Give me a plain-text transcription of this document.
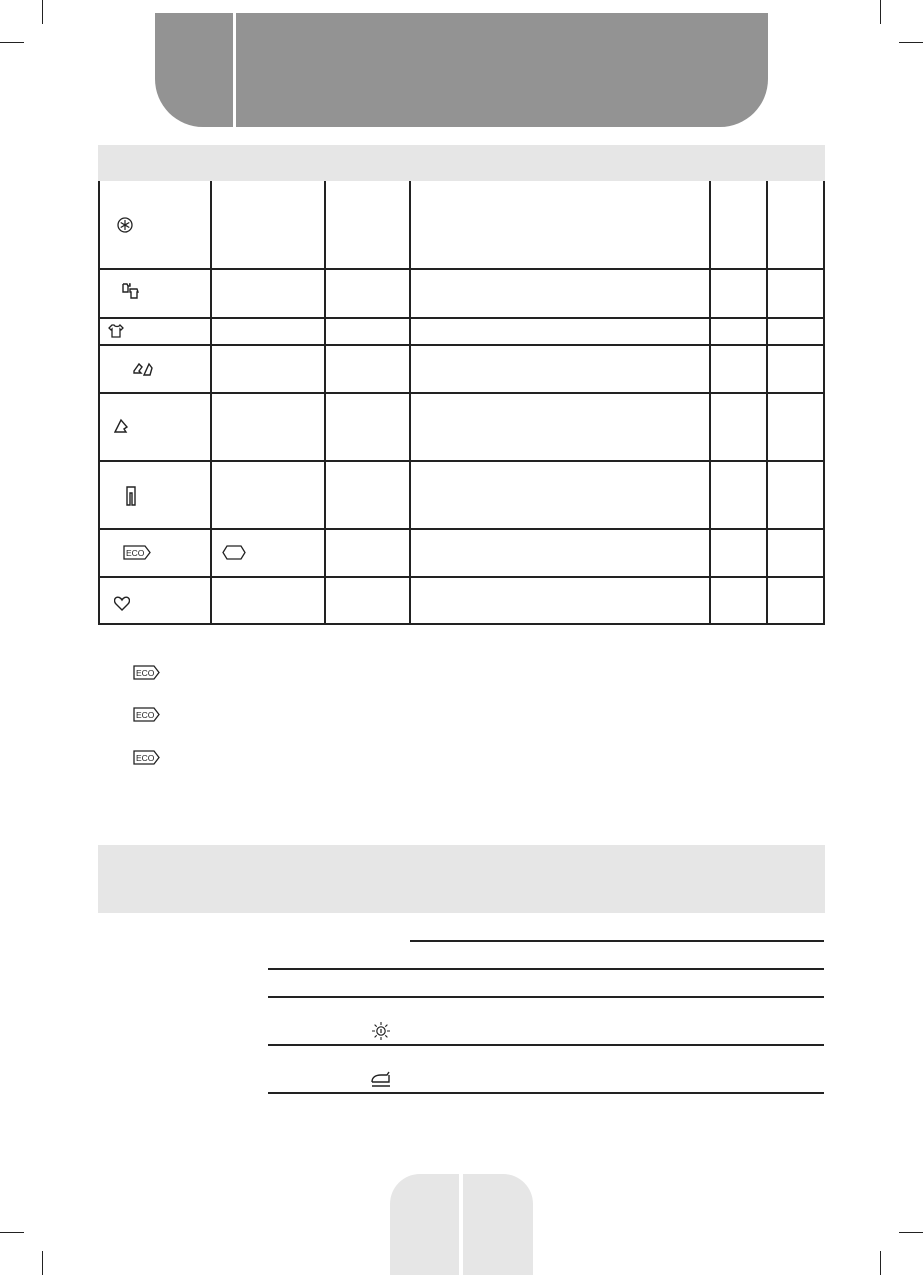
ECO
ECO
ECO
ECO
